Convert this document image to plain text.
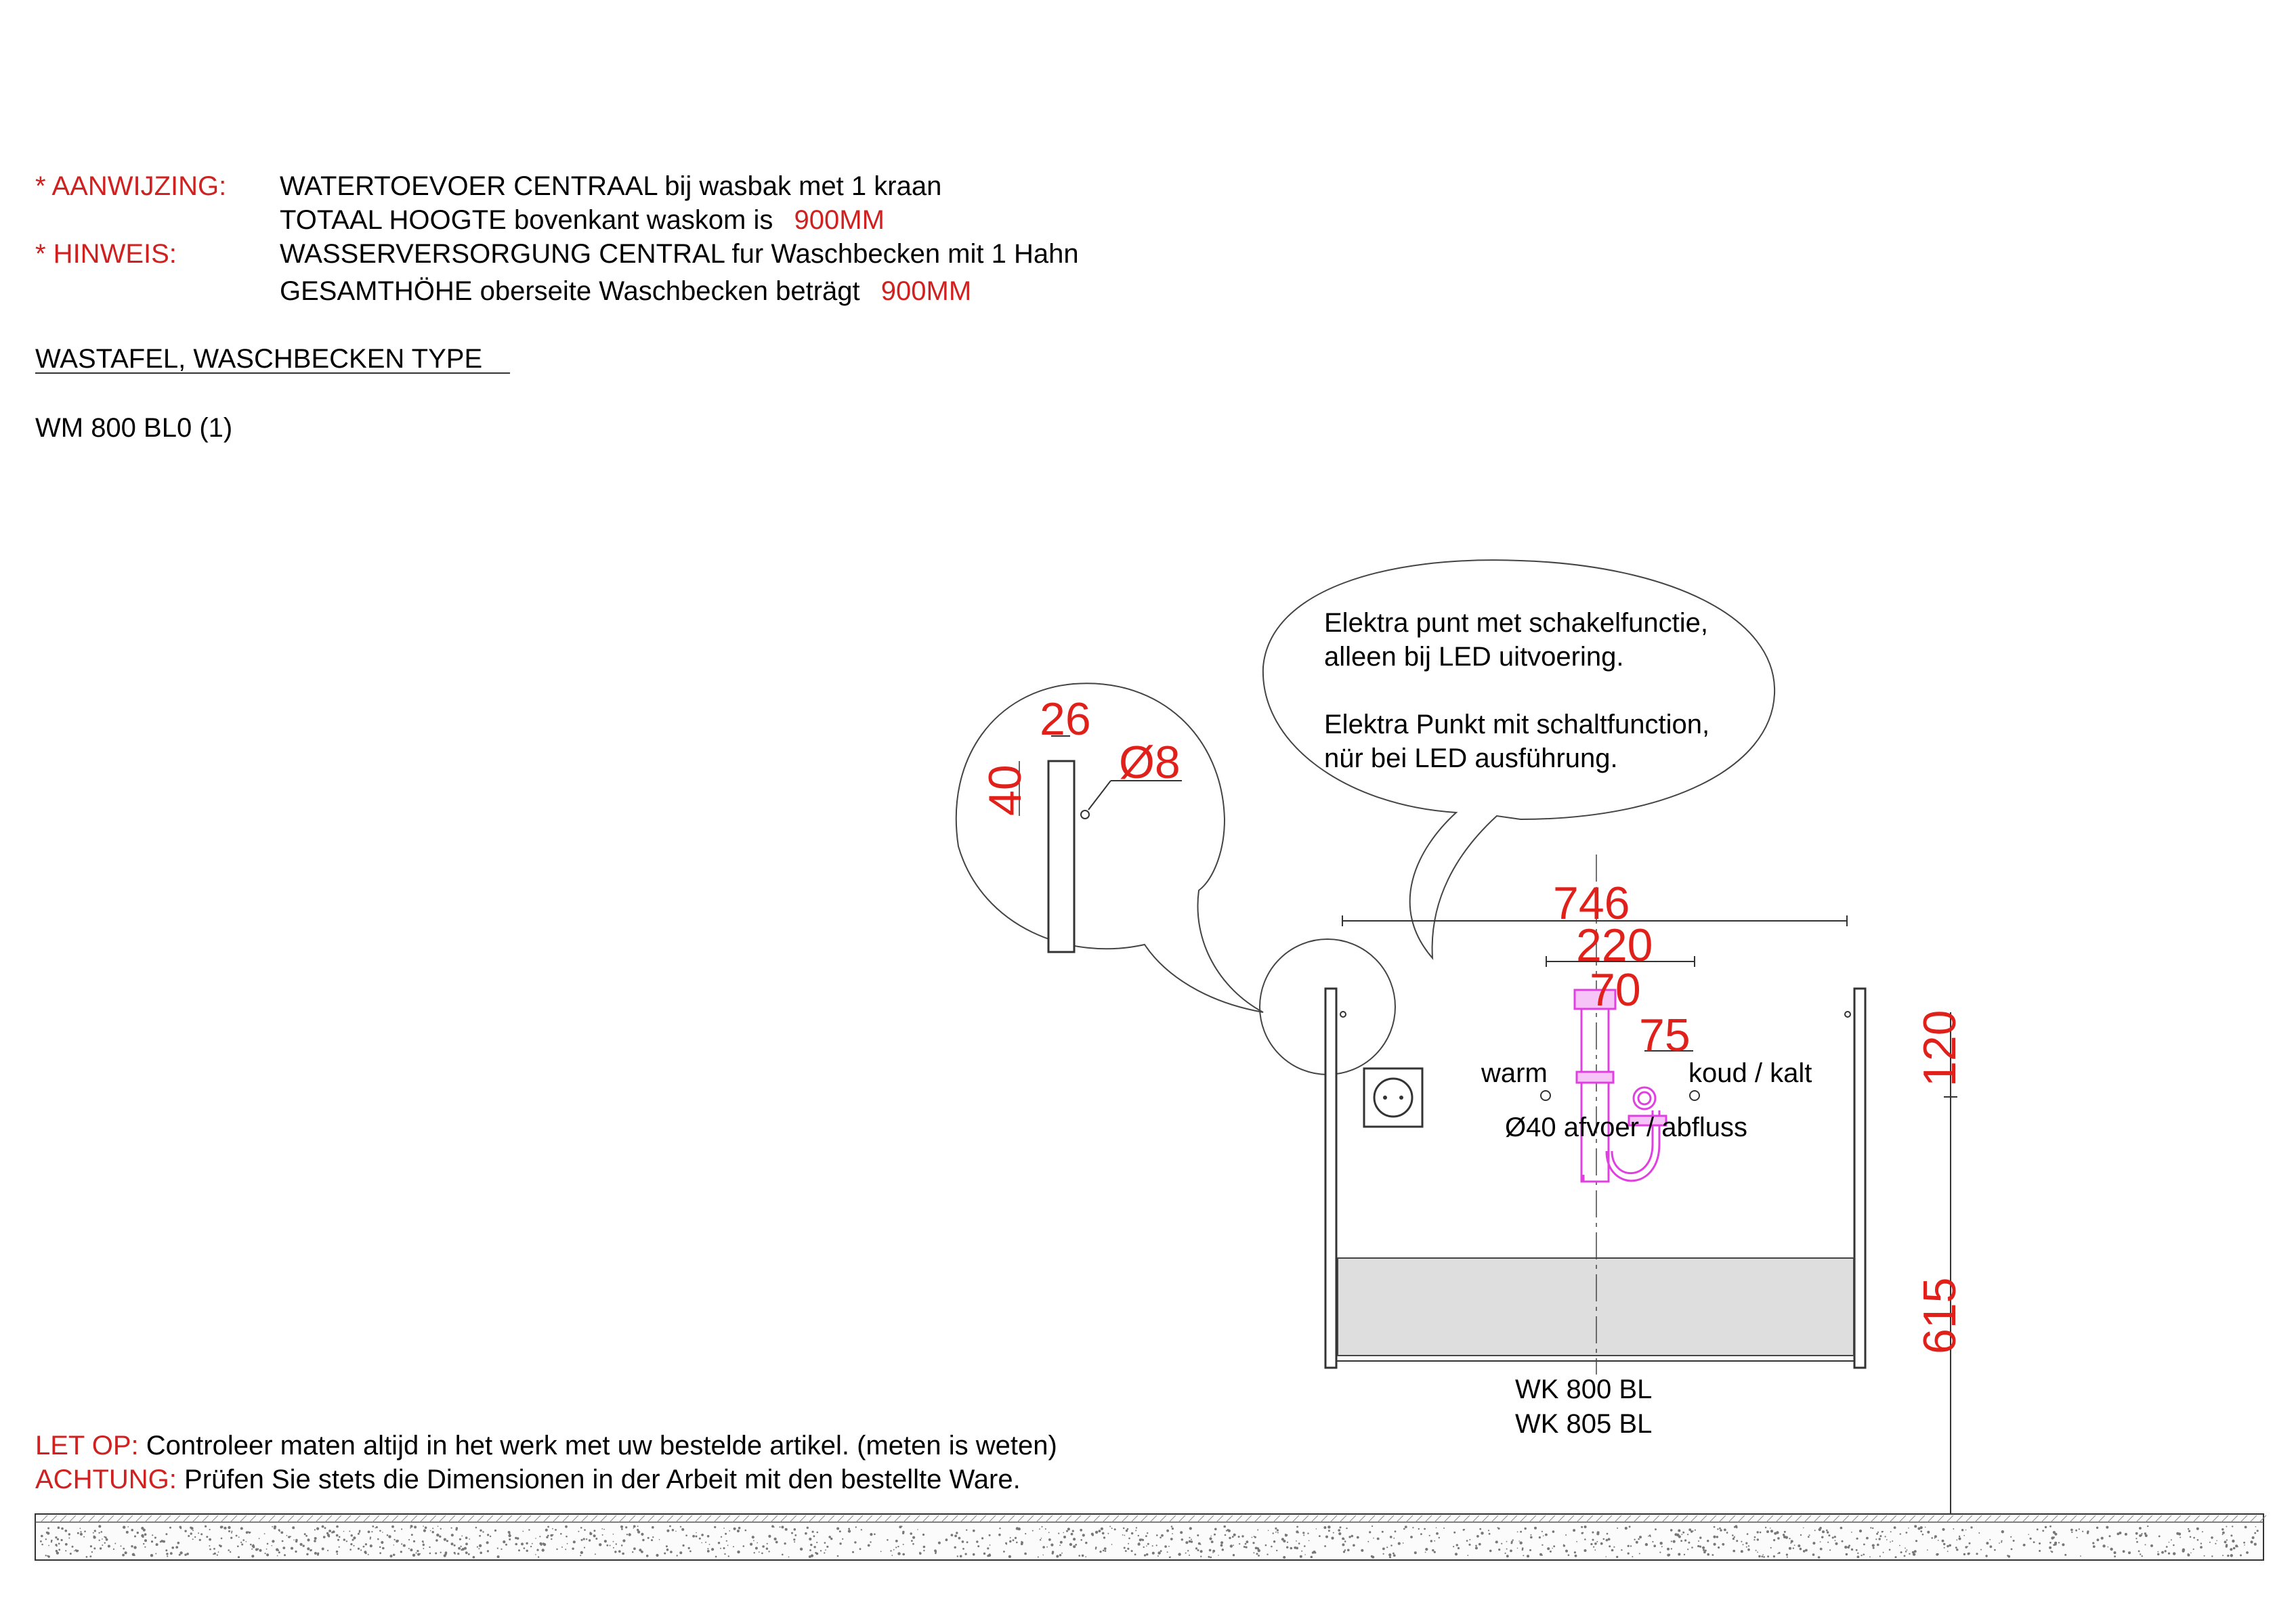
* AANWIJZING: WATERTOEVOER CENTRAAL bij wasbak met 1 kraan
TOTAAL HOOGTE bovenkant waskom is 900MM
* HINWEIS:	WASSERVERSORGUNG CENTRAL fur Waschbecken mit 1 Hahn
GESAMTHÖHE oberseite Waschbecken beträgt 900MM
WASTAFEL, WASCHBECKEN TYPE
WM 800 BL0 (1)
Elektra punt met schakelfunctie,
alleen bij LED uitvoering.
Elektra Punkt mit schaltfunction,
nür bei LED ausführung.
26
40
Ø8
746
220
70
75	120
615
warm	koud / kalt
Ø40 afvoer / abfluss
WK 800 BL
WK 805 BL
LET OP: Controleer maten altijd in het werk met uw bestelde artikel. (meten is weten)
ACHTUNG: Prüfen Sie stets die Dimensionen in der Arbeit mit den bestellte Ware.
